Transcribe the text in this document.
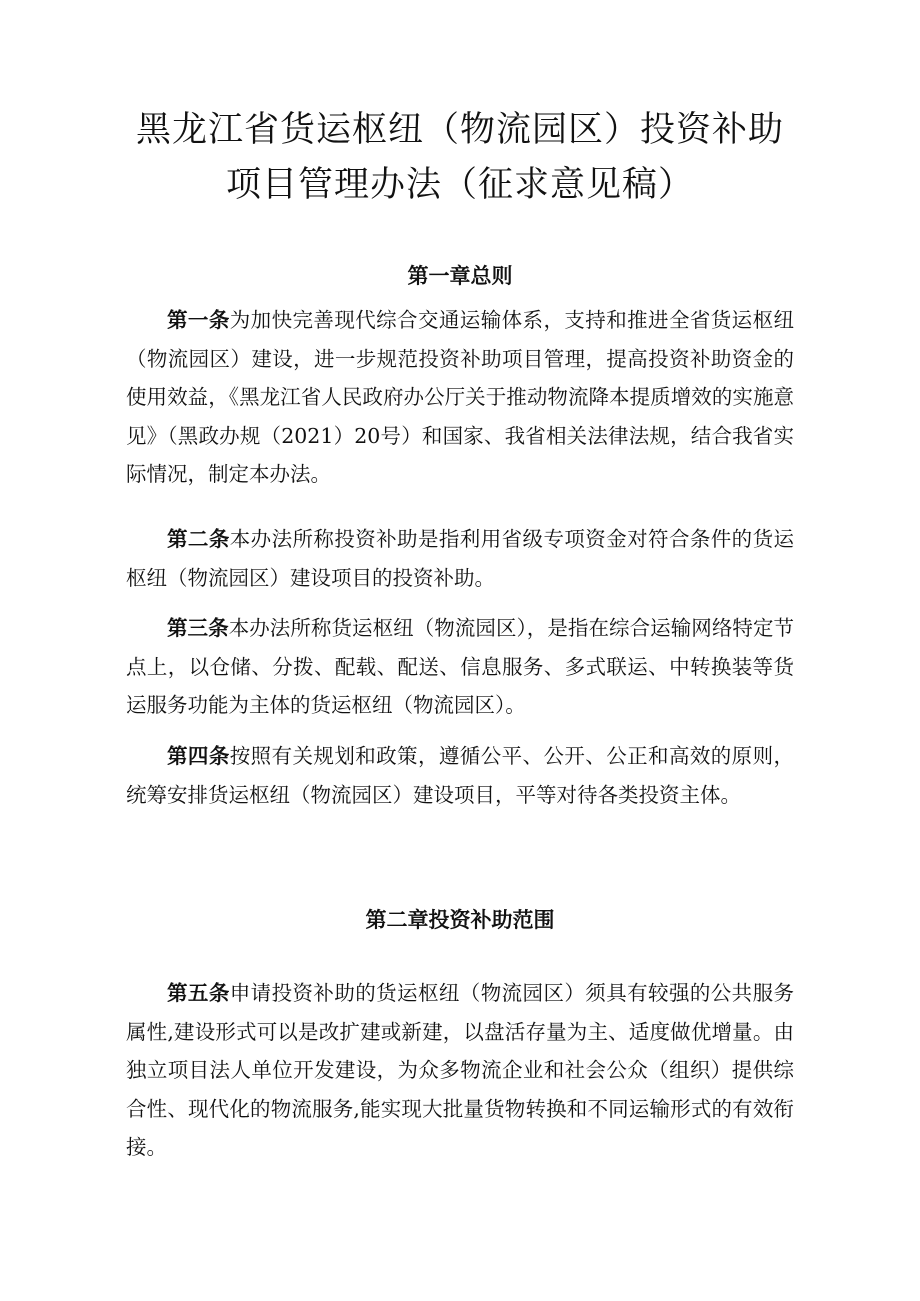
黑龙江省货运枢纽（物流园区）投资补助
项目管理办法（征求意见稿）
第一章总则

第一条为加快完善现代综合交通运输体系，支持和推进全省货运枢纽（物流园区）建设，进一步规范投资补助项目管理，提高投资补助资金的使用效益，《黑龙江省人民政府办公厅关于推动物流降本提质增效的实施意见》（黑政办规（2021）20号）和国家、我省相关法律法规，结合我省实际情况，制定本办法。

第二条本办法所称投资补助是指利用省级专项资金对符合条件的货运枢纽（物流园区）建设项目的投资补助。

第三条本办法所称货运枢纽（物流园区），是指在综合运输网络特定节点上，以仓储、分拨、配载、配送、信息服务、多式联运、中转换装等货运服务功能为主体的货运枢纽（物流园区）。

第四条按照有关规划和政策，遵循公平、公开、公正和高效的原则，统筹安排货运枢纽（物流园区）建设项目，平等对待各类投资主体。

第二章投资补助范围

第五条申请投资补助的货运枢纽（物流园区）须具有较强的公共服务属性,建设形式可以是改扩建或新建，以盘活存量为主、适度做优增量。由独立项目法人单位开发建设，为众多物流企业和社会公众（组织）提供综合性、现代化的物流服务,能实现大批量货物转换和不同运输形式的有效衔接。
